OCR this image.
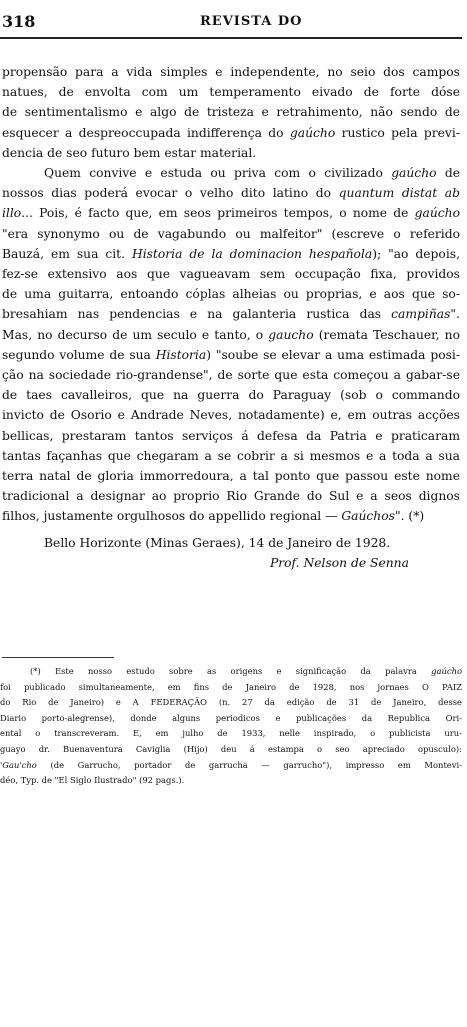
318	REVISTA DO
propensão para a vida simples e independente, no seio dos campos
natues, de envolta com um temperamento eivado de forte dóse
de sentimentalismo e algo de tristeza e retrahimento, não sendo de
esquecer a despreoccupada indifferença do gaúcho rustico pela previ-
dencia de seo futuro bem estar material.
Quem convive e estuda ou priva com o civilizado gaúcho de
nossos dias poderá evocar o velho dito latino do quantum distat ab
illo... Pois, é facto que, em seos primeiros tempos, o nome de gaúcho
"era synonymo ou de vagabundo ou malfeitor" (escreve o referido
Bauzá, em sua cit. Historia de la dominacion hespañola); "ao depois,
fez-se extensivo aos que vagueavam sem occupação fixa, providos
de uma guitarra, entoando cóplas alheias ou proprias, e aos que so-
bresahiam nas pendencias e na galanteria rustica das campiñas".
Mas, no decurso de um seculo e tanto, o gaucho (remata Teschauer, no
segundo volume de sua Historia) "soube se elevar a uma estimada posi-
ção na sociedade rio-grandense", de sorte que esta começou a gabar-se
de taes cavalleiros, que na guerra do Paraguay (sob o commando
invicto de Osorio e Andrade Neves, notadamente) e, em outras acções
bellicas, prestaram tantos serviços á defesa da Patria e praticaram
tantas façanhas que chegaram a se cobrir a si mesmos e a toda a sua
terra natal de gloria immorredoura, a tal ponto que passou este nome
tradicional a designar ao proprio Rio Grande do Sul e a seos dignos
filhos, justamente orgulhosos do appellido regional — Gaúchos". (*)
Bello Horizonte (Minas Geraes), 14 de Janeiro de 1928.
Prof. Nelson de Senna
(*) Este nosso estudo sobre as origens e significação da palavra gaúcho
foi publicado simultaneamente, em fins de Janeiro de 1928, nos jornaes O PAIZ
do Rio de Janeiro) e A FEDERAÇÃO (n. 27 da edição de 31 de Janeiro, desse
Diario porto-alegrense), donde alguns periodicos e publicações da Republica Ori-
ental o transcreveram. E, em julho de 1933, nelle inspirado, o publicista uru-
guayo dr. Buenaventura Caviglia (Hijo) deu á estampa o seo apreciado opusculo):
'Gau'cho (de Garrucho, portador de garrucha — garrucho"), impresso em Montevi-
déo, Typ. de "El Siglo Ilustrado" (92 pags.).
